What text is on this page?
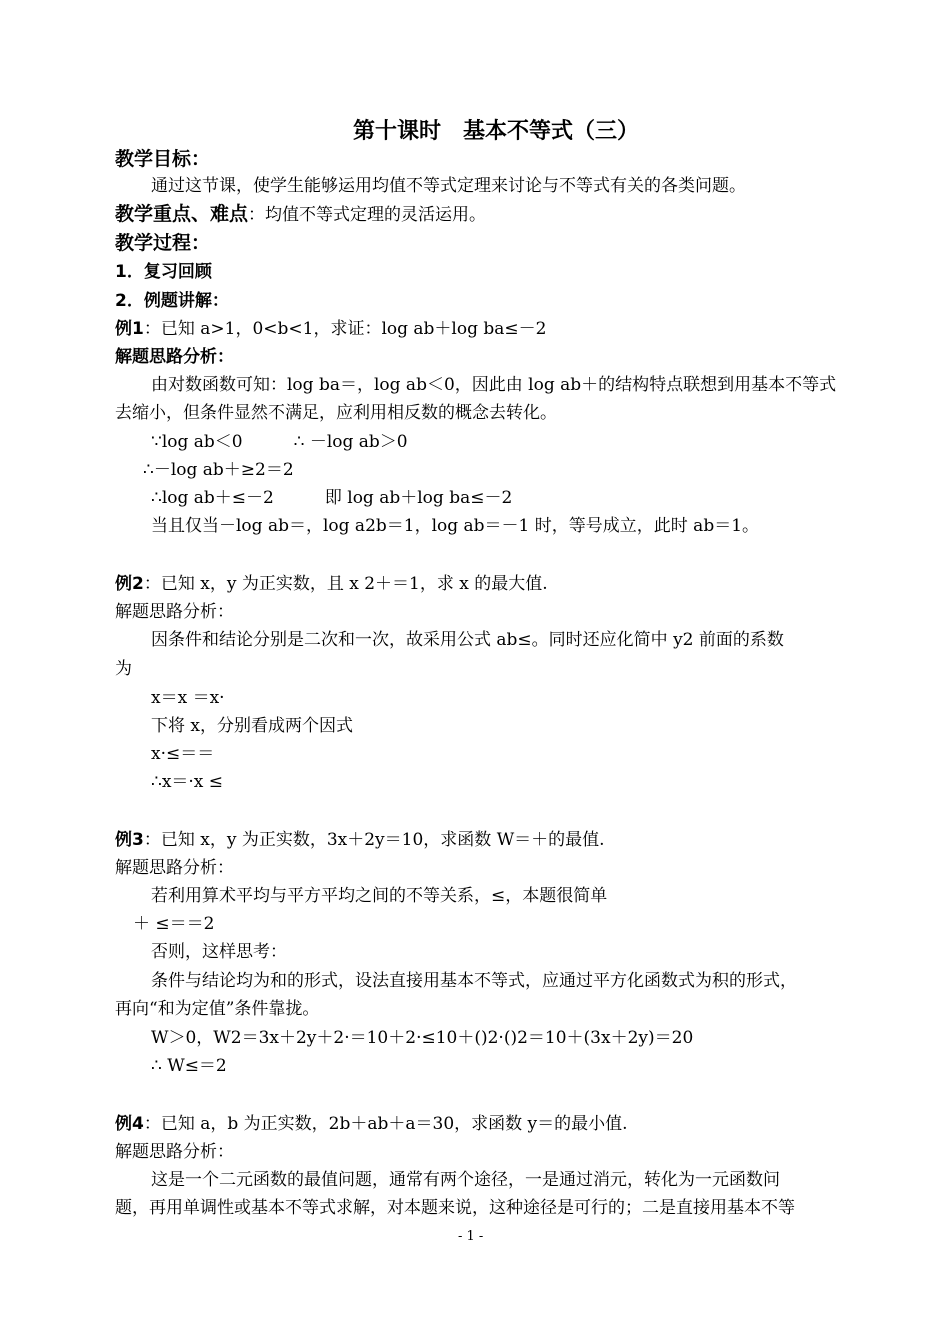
第十课时　基本不等式（三）
教学目标：
通过这节课，使学生能够运用均值不等式定理来讨论与不等式有关的各类问题。
教学重点、难点：均值不等式定理的灵活运用。
教学过程：
1．复习回顾
2．例题讲解：
例1：已知 a>1，0<b<1，求证：log ab＋log ba≤－2
解题思路分析：
由对数函数可知：log ba＝，log ab＜0，因此由 log ab＋的结构特点联想到用基本不等式
去缩小，但条件显然不满足，应利用相反数的概念去转化。
∵log ab＜0　　　∴ －log ab＞0
∴－log ab＋≥2＝2
∴log ab＋≤－2　　　即 log ab＋log ba≤－2
当且仅当－log ab＝，log a2b＝1，log ab＝－1 时，等号成立，此时 ab＝1。
例2：已知 x，y 为正实数，且 x 2＋＝1，求 x 的最大值.
解题思路分析：
因条件和结论分别是二次和一次，故采用公式 ab≤。同时还应化简中 y2 前面的系数
为
x＝x ＝x·
下将 x，分别看成两个因式
x·≤＝＝
∴x＝·x ≤
例3：已知 x，y 为正实数，3x＋2y＝10，求函数 W＝＋的最值.
解题思路分析：
若利用算术平均与平方平均之间的不等关系，≤，本题很简单
＋ ≤＝＝2
否则，这样思考：
条件与结论均为和的形式，设法直接用基本不等式，应通过平方化函数式为积的形式，
再向“和为定值”条件靠拢。
W＞0，W2＝3x＋2y＋2·＝10＋2·≤10＋()2·()2＝10＋(3x＋2y)＝20
∴ W≤＝2
例4：已知 a，b 为正实数，2b＋ab＋a＝30，求函数 y＝的最小值.
解题思路分析：
这是一个二元函数的最值问题，通常有两个途径，一是通过消元，转化为一元函数问
题，再用单调性或基本不等式求解，对本题来说，这种途径是可行的；二是直接用基本不等
- 1 -
